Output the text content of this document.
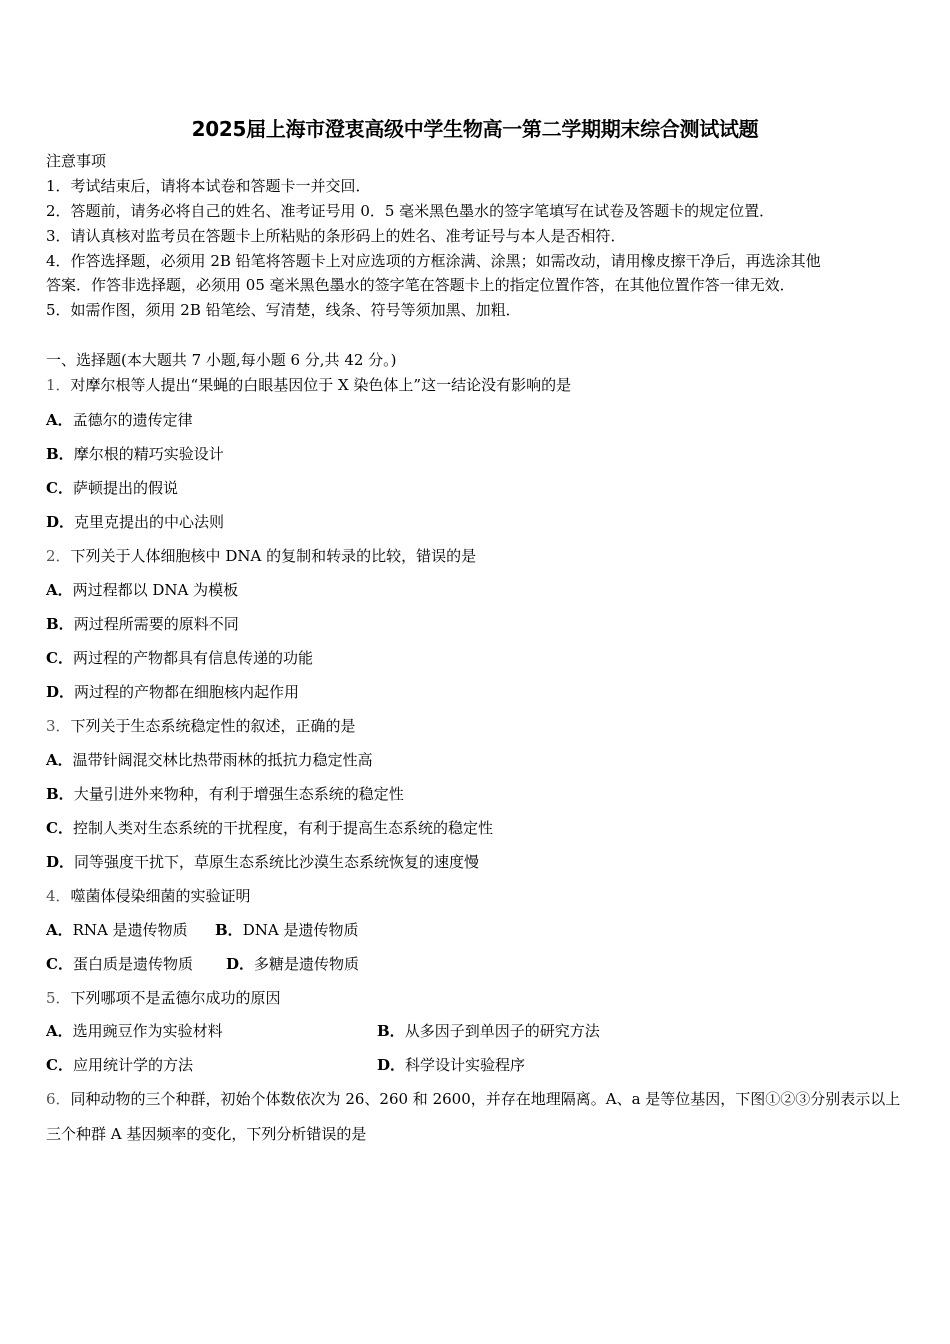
2025届上海市澄衷高级中学生物高一第二学期期末综合测试试题
注意事项
1．考试结束后，请将本试卷和答题卡一并交回．
2．答题前，请务必将自己的姓名、准考证号用 0．5 毫米黑色墨水的签字笔填写在试卷及答题卡的规定位置．
3．请认真核对监考员在答题卡上所粘贴的条形码上的姓名、准考证号与本人是否相符．
4．作答选择题，必须用 2B 铅笔将答题卡上对应选项的方框涂满、涂黑；如需改动，请用橡皮擦干净后，再选涂其他
答案．作答非选择题，必须用 05 毫米黑色墨水的签字笔在答题卡上的指定位置作答，在其他位置作答一律无效．
5．如需作图，须用 2B 铅笔绘、写清楚，线条、符号等须加黑、加粗．
一、选择题(本大题共 7 小题,每小题 6 分,共 42 分。)
1．对摩尔根等人提出“果蝇的白眼基因位于 X 染色体上”这一结论没有影响的是
A．孟德尔的遗传定律
B．摩尔根的精巧实验设计
C．萨顿提出的假说
D．克里克提出的中心法则
2．下列关于人体细胞核中 DNA 的复制和转录的比较，错误的是
A．两过程都以 DNA 为模板
B．两过程所需要的原料不同
C．两过程的产物都具有信息传递的功能
D．两过程的产物都在细胞核内起作用
3．下列关于生态系统稳定性的叙述，正确的是
A．温带针阔混交林比热带雨林的抵抗力稳定性高
B．大量引进外来物种，有利于增强生态系统的稳定性
C．控制人类对生态系统的干扰程度，有利于提高生态系统的稳定性
D．同等强度干扰下，草原生态系统比沙漠生态系统恢复的速度慢
4．噬菌体侵染细菌的实验证明
A．RNA 是遗传物质 B．DNA 是遗传物质
C．蛋白质是遗传物质 D．多糖是遗传物质
5．下列哪项不是孟德尔成功的原因
A．选用豌豆作为实验材料	B．从多因子到单因子的研究方法
C．应用统计学的方法	D．科学设计实验程序
6．同种动物的三个种群，初始个体数依次为 26、260 和 2600，并存在地理隔离。A、a 是等位基因，下图①②③分别表示以上三个种群 A 基因频率的变化，下列分析错误的是
